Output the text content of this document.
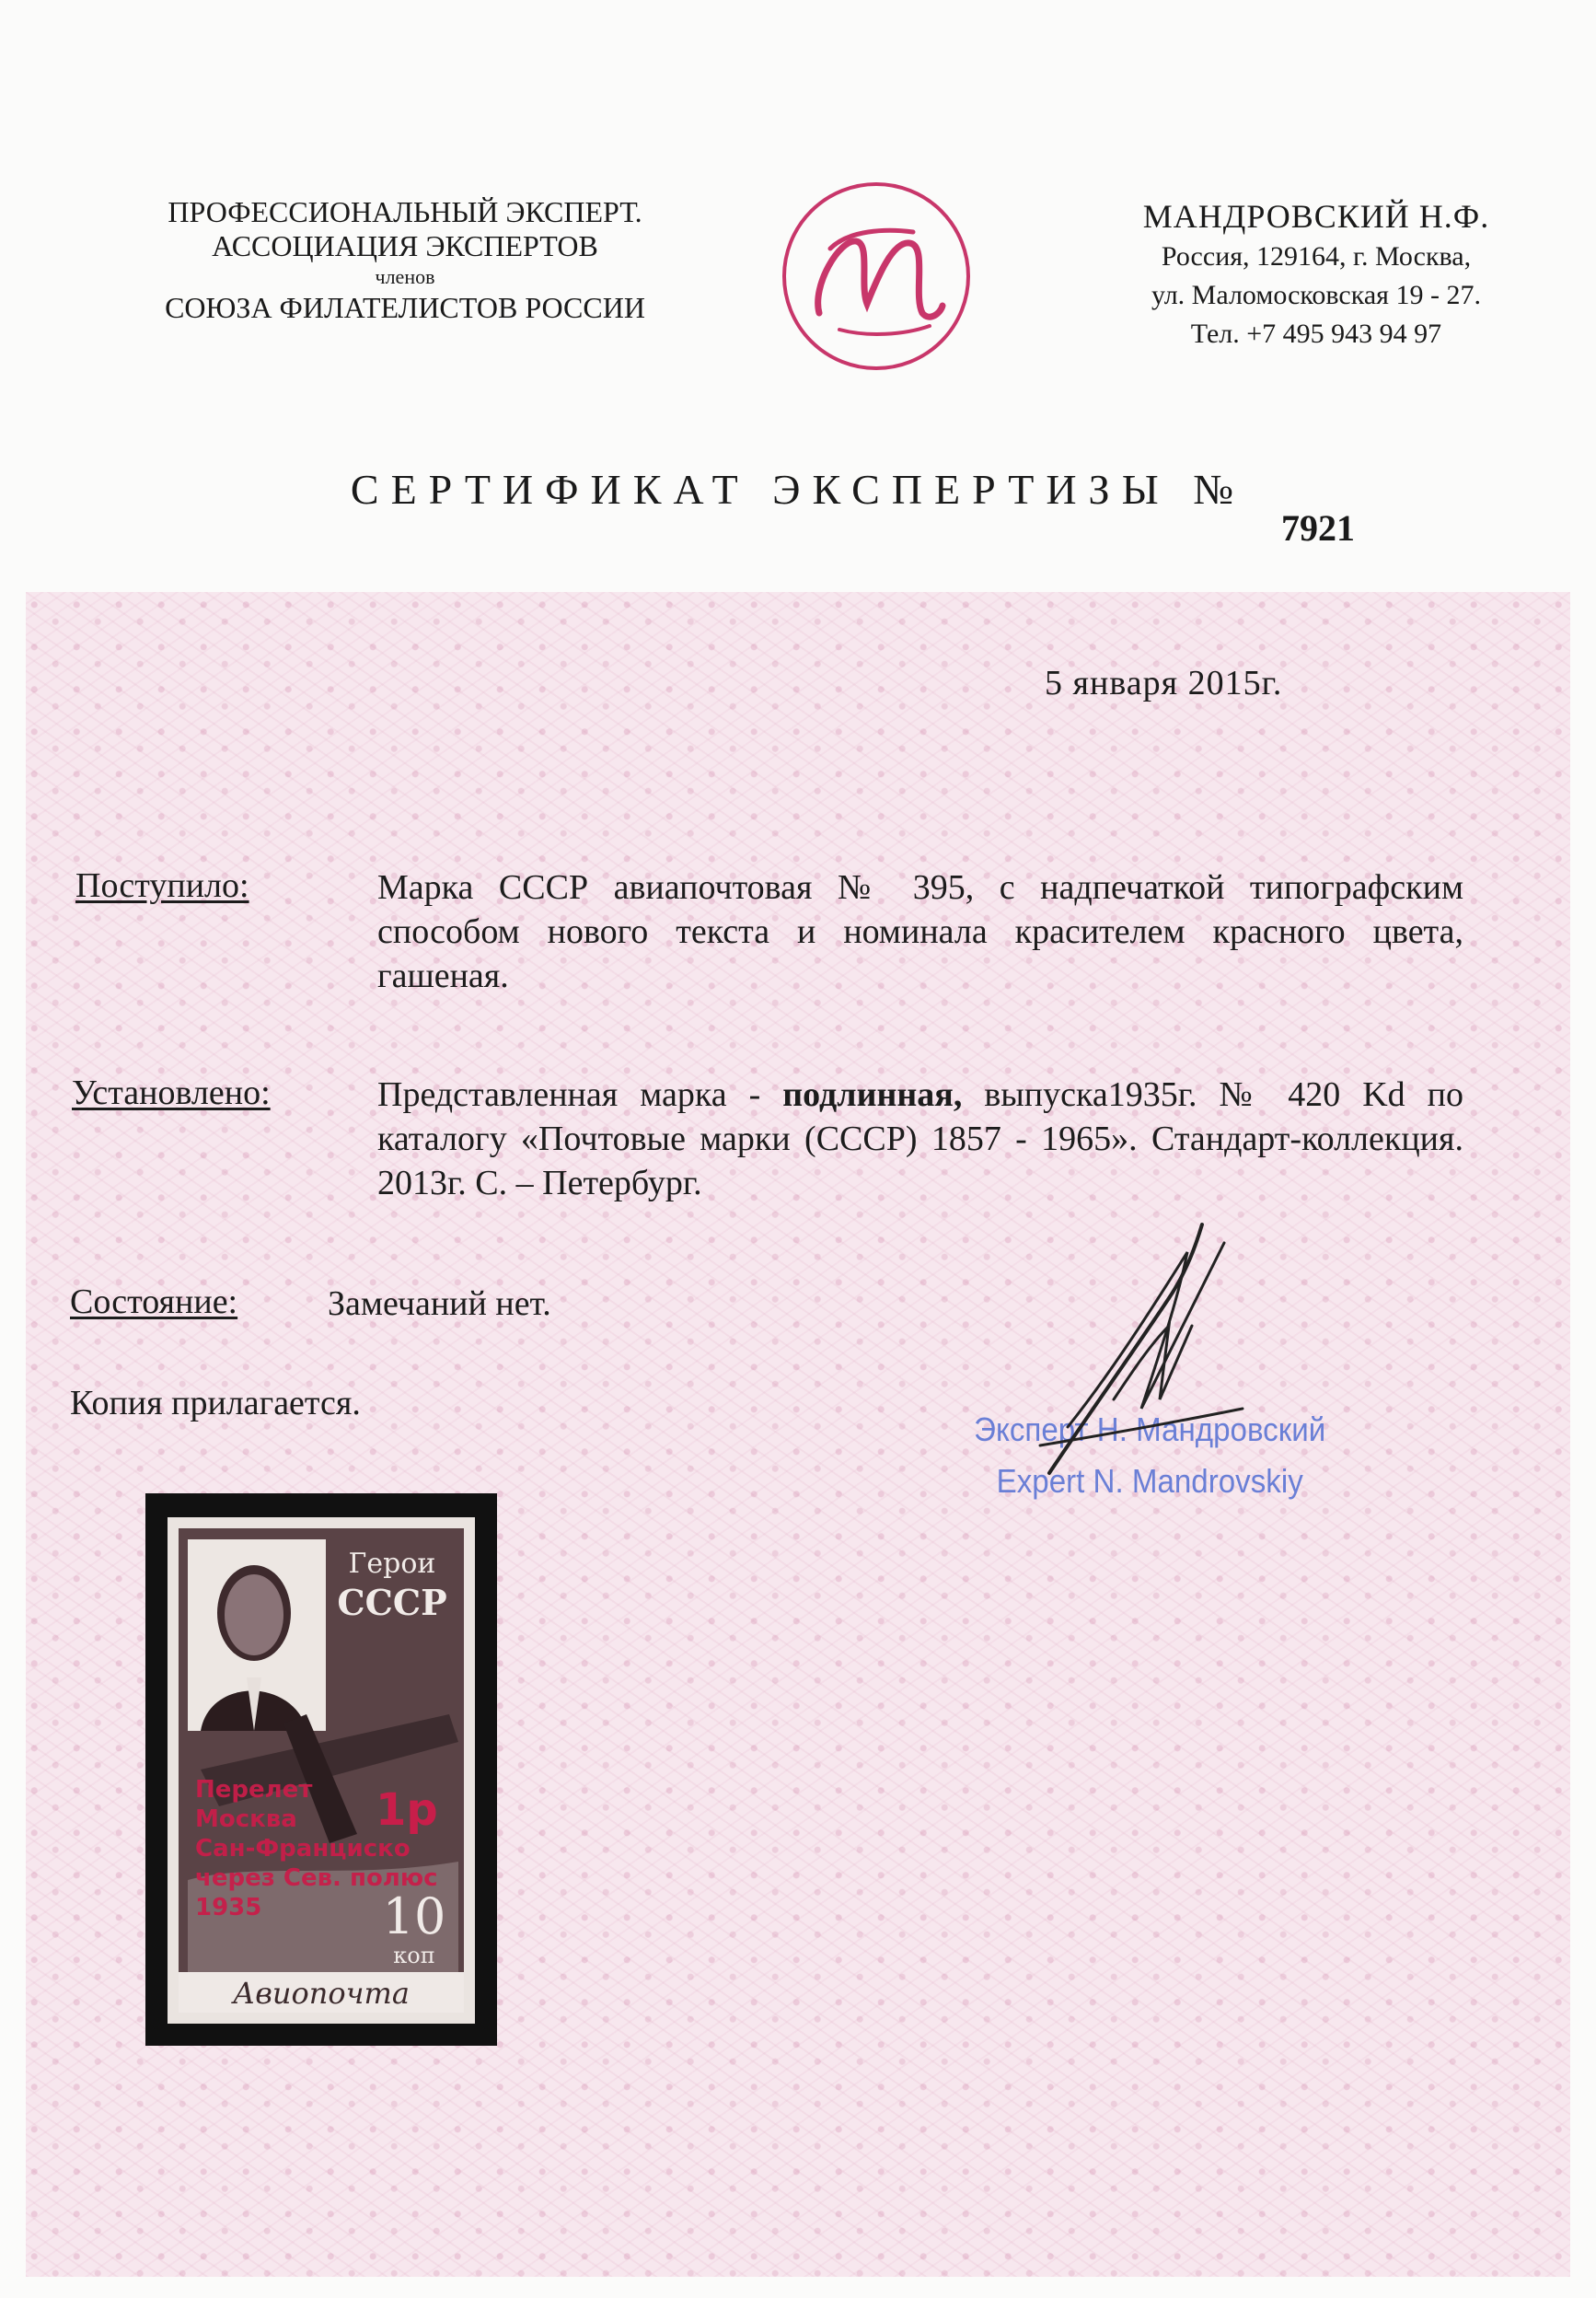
ПРОФЕССИОНАЛЬНЫЙ ЭКСПЕРТ.
АССОЦИАЦИЯ ЭКСПЕРТОВ
членов
СОЮЗА ФИЛАТЕЛИСТОВ РОССИИ
МАНДРОВСКИЙ Н.Ф.
Россия, 129164, г. Москва,
ул. Маломосковская 19 - 27.
Тел. +7 495 943 94 97
СЕРТИФИКАТ ЭКСПЕРТИЗЫ №
7921
5 января 2015г.
Поступило:	Марка СССР авиапочтовая № 395, с надпечаткой типографским способом нового текста и номинала красителем красного цвета, гашеная.
Установлено:	Представленная марка - подлинная, выпуска1935г. № 420 Kd по каталогу «Почтовые марки (СССР) 1857 - 1965». Стандарт-коллекция. 2013г. С. – Петербург.
Состояние:	Замечаний нет.
Копия прилагается.
Эксперт Н. Мандровский
Expert N. Mandrovskiy
Герои
СССР
Перелет
Москва
Сан-Франциско
через Сев. полюс
1935
1р
10
коп
Авиопочта
